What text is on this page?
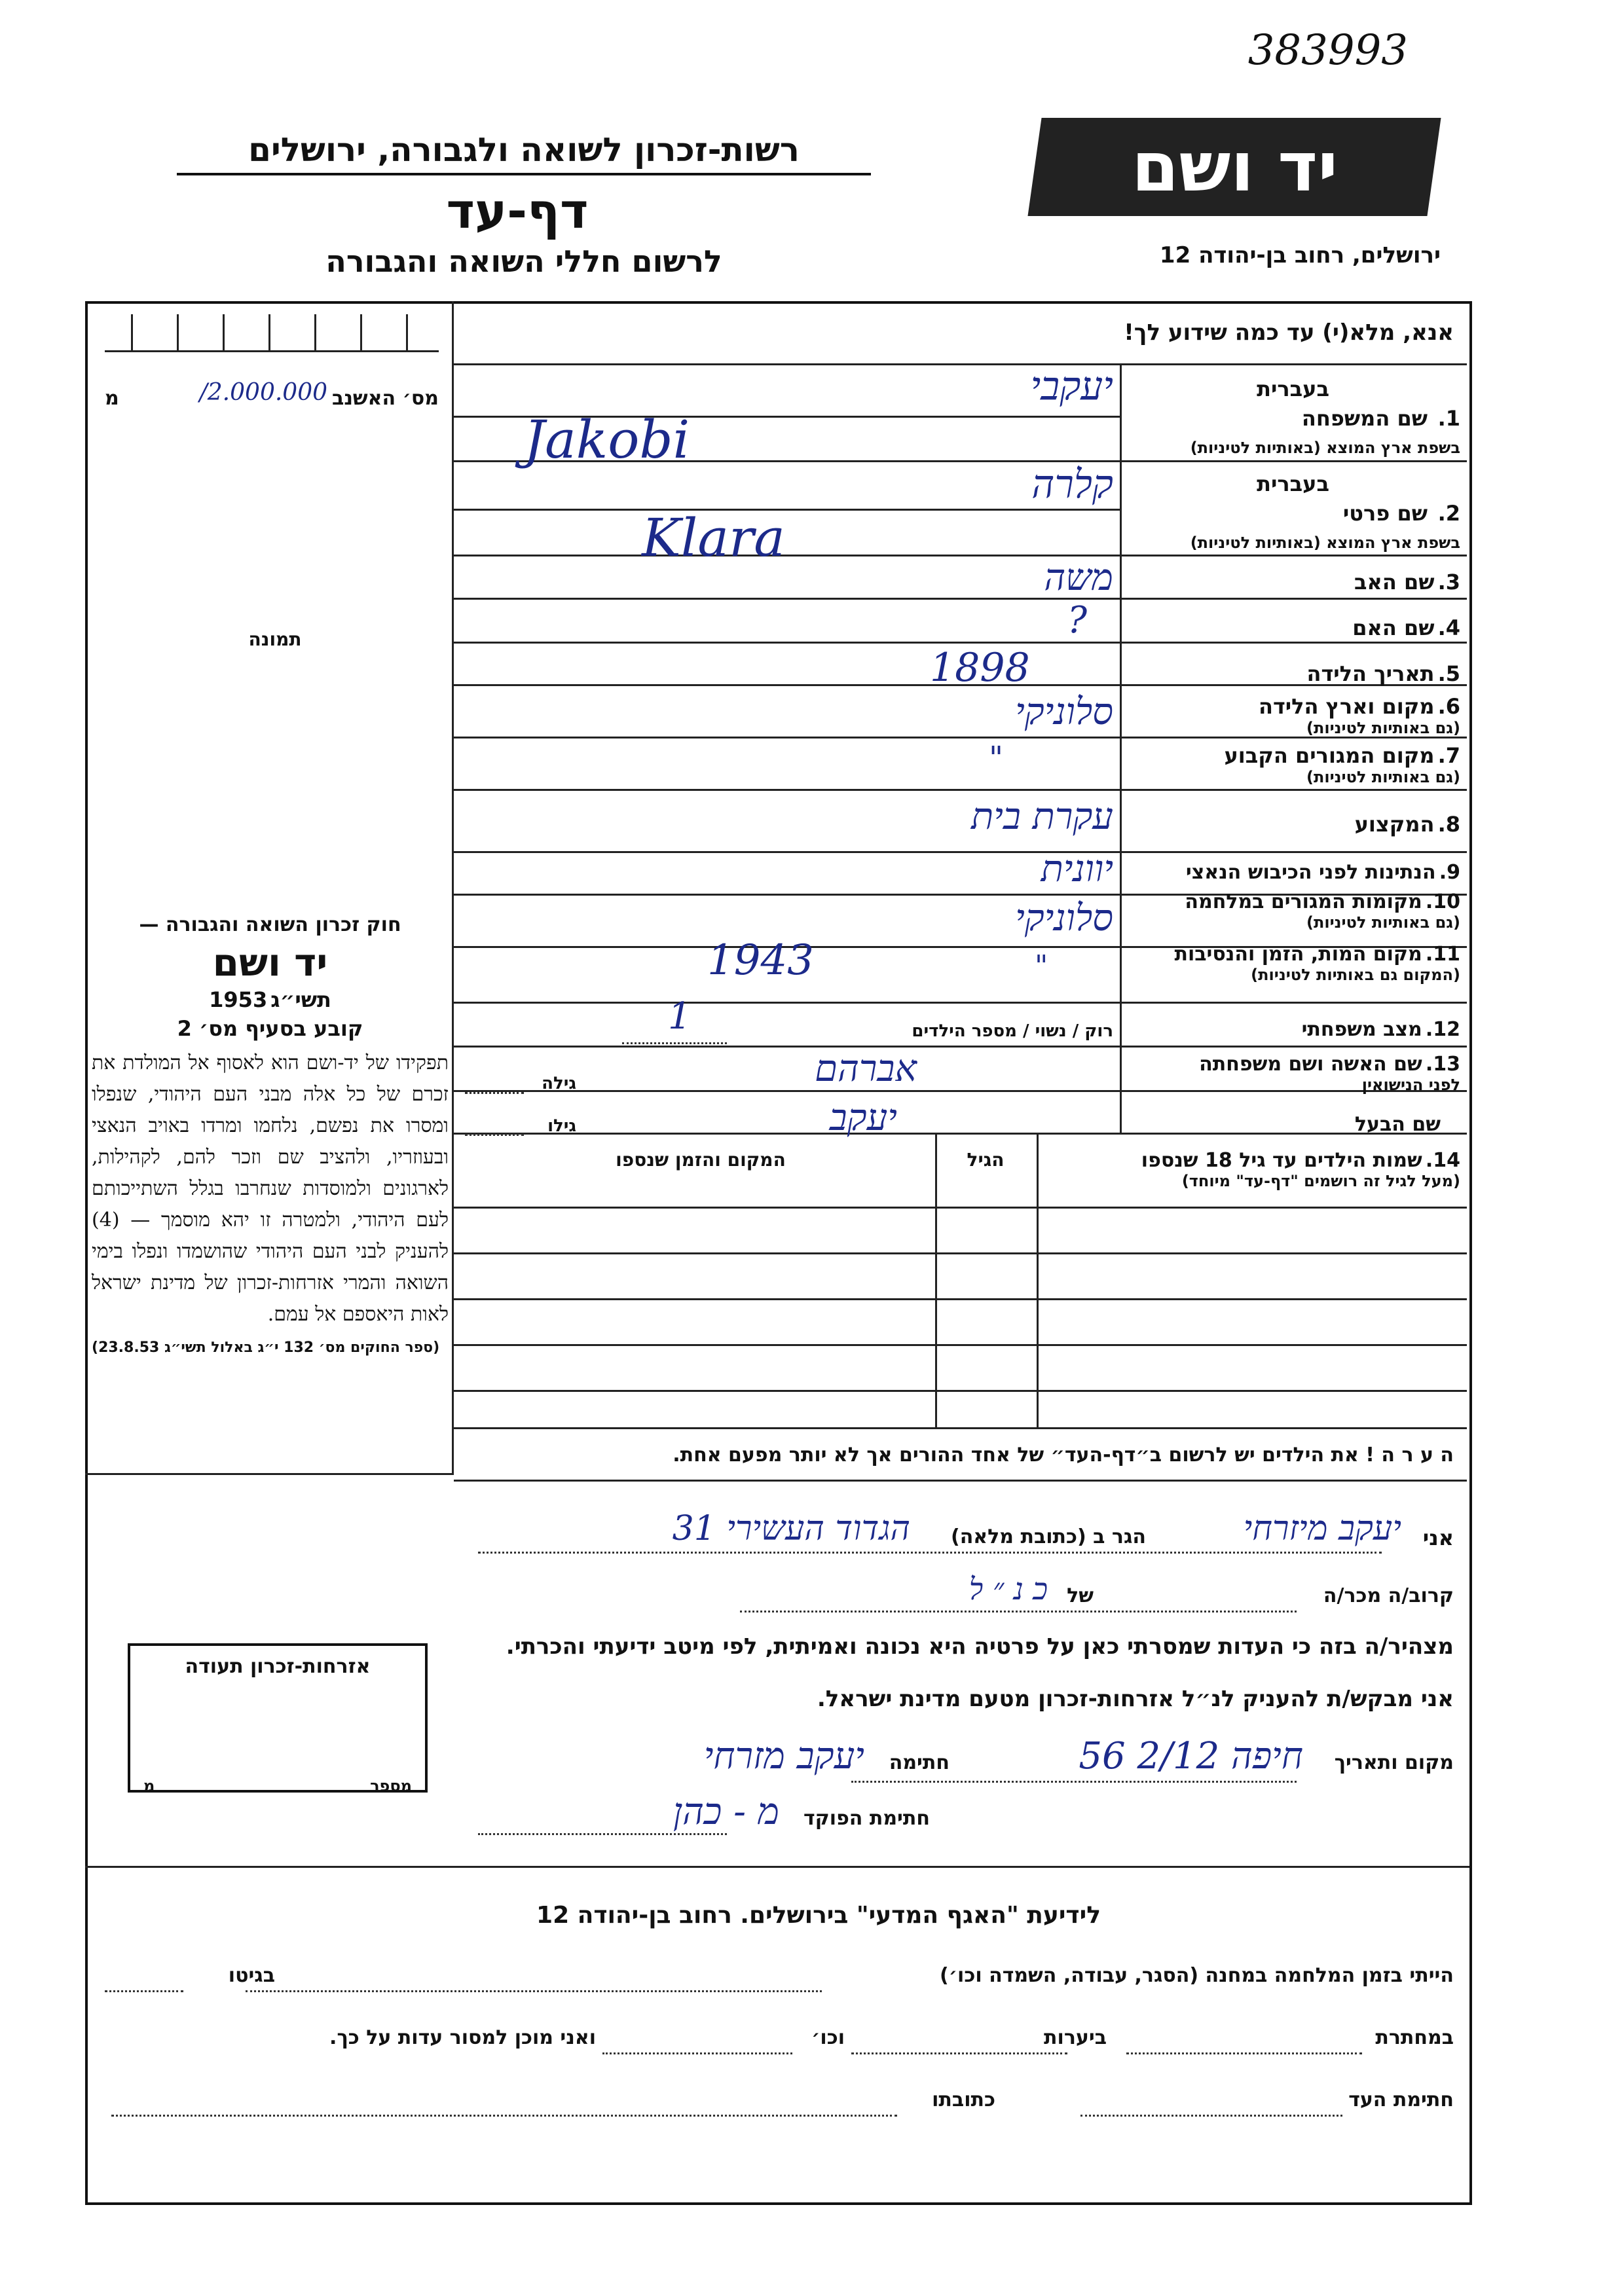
383993
רשות-זכרון לשואה ולגבורה, ירושלים
דף-עד
לרשום חללי השואה והגבורה
יד ושם
ירושלים, רחוב בן-יהודה 12
מס׳ האשנב
2.000.000/
מ
תמונה
אנא, מלא(י) עד כמה שידוע לך!
בעברית
1.
שם המשפחה
בשפת ארץ המוצא (באותיות לטיניות)
יעקבי
Jakobi
בעברית
2.
שם פרטי
בשפת ארץ המוצא (באותיות לטיניות)
קלרה
Klara
3. שם האב
משה
4. שם האם
?
5. תאריך הלידה
1898
6. מקום וארץ הלידה
(גם באותיות לטיניות)
סלוניקי
7. מקום המגורים הקבוע
(גם באותיות לטיניות)
"
8. המקצוע
עקרת בית
9. הנתינות לפני הכיבוש הנאצי
יוונית
10. מקומות המגורים במלחמה
(גם באותיות לטיניות)
סלוניקי
11. מקום המות, הזמן והנסיבות
(המקום גם באותיות לטיניות)
1943	"
12. מצב משפחתי
רוק / נשוי / מספר הילדים
1
13. שם האשה ושם משפחתה
לפני הנישואין
אברהם
גילה
שם הבעל
יעקב
גילו
14. שמות הילדים עד גיל 18 שנספו
(מעל לגיל זה רושמים "דף-עד" מיוחד)
הגיל
המקום והזמן שנספו
חוק זכרון השואה והגבורה —
יד ושם
תשי״ג 1953
קובע בסעיף מס׳ 2
תפקידו של יד-ושם הוא לאסוף אל המולדת את זכרם של כל אלה מבני העם היהודי, שנפלו ומסרו את נפשם, נלחמו ומרדו באויב הנאצי ובעוזריו, ולהציב שם וזכר להם, לקהילות, לארגונים ולמוסדות שנחרבו בגלל השתייכותם לעם היהודי, ולמטרה זו יהא מוסמך — (4) להעניק לבני העם היהודי שהושמדו ונפלו בימי השואה והמרי אזרחות-זכרון של מדינת ישראל לאות היאספם אל עמם.
(ספר החוקים מס׳ 132 י״ג באלול תשי״ג 23.8.53)
ה ע ר ה ! את הילדים יש לרשום ב״דף-העד״ של אחד ההורים אך לא יותר מפעם אחת.
אני
יעקב מיזרחי
הגר ב (כתובת מלאה)
הגדוד העשירי 31
קרוב/ה מכר/ה
של
כ נ ״ ל
מצהיר/ה בזה כי העדות שמסרתי כאן על פרטיה היא נכונה ואמיתית, לפי מיטב ידיעתי והכרתי.
אני מבקש/ת להעניק לנ״ל אזרחות-זכרון מטעם מדינת ישראל.
מקום ותאריך
חיפה 2/12 56
חתימה
יעקב מזרחי
חתימת הפוקד
מ - כהן
אזרחות-זכרון תעודה
מספר
מ
לידיעת "האגף המדעי" בירושלים. רחוב בן-יהודה 12
הייתי בזמן המלחמה במחנה (הסגר, עבודה, השמדה וכו׳)
בגיטו
במחתרת
ביערות
וכו׳
ואני מוכן למסור עדות על כך.
חתימת העד
כתובתו
